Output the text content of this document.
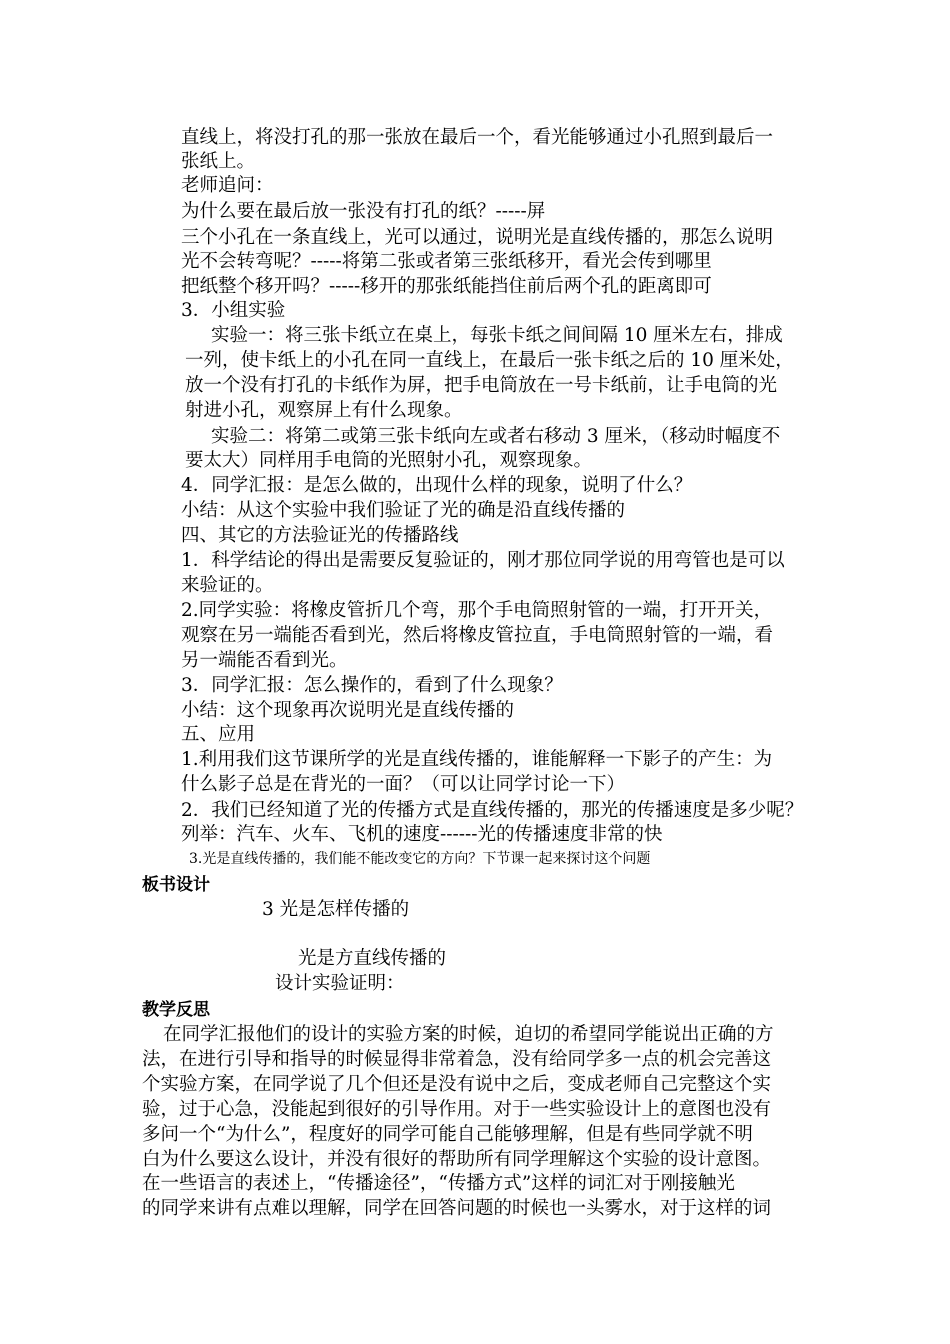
直线上，将没打孔的那一张放在最后一个，看光能够通过小孔照到最后一
张纸上。
老师追问：
为什么要在最后放一张没有打孔的纸？-----屏
三个小孔在一条直线上，光可以通过，说明光是直线传播的，那怎么说明
光不会转弯呢？-----将第二张或者第三张纸移开，看光会传到哪里
把纸整个移开吗？-----移开的那张纸能挡住前后两个孔的距离即可
3．小组实验
实验一：将三张卡纸立在桌上，每张卡纸之间间隔 10 厘米左右，排成
一列，使卡纸上的小孔在同一直线上，在最后一张卡纸之后的 10 厘米处，
放一个没有打孔的卡纸作为屏，把手电筒放在一号卡纸前，让手电筒的光
射进小孔，观察屏上有什么现象。
实验二：将第二或第三张卡纸向左或者右移动 3 厘米，（移动时幅度不
要太大）同样用手电筒的光照射小孔，观察现象。
4．同学汇报：是怎么做的，出现什么样的现象，说明了什么？
小结：从这个实验中我们验证了光的确是沿直线传播的
四、其它的方法验证光的传播路线
1．科学结论的得出是需要反复验证的，刚才那位同学说的用弯管也是可以
来验证的。
2.同学实验：将橡皮管折几个弯，那个手电筒照射管的一端，打开开关，
观察在另一端能否看到光，然后将橡皮管拉直，手电筒照射管的一端，看
另一端能否看到光。
3．同学汇报：怎么操作的，看到了什么现象？
小结：这个现象再次说明光是直线传播的
五、应用
1.利用我们这节课所学的光是直线传播的，谁能解释一下影子的产生：为
什么影子总是在背光的一面？（可以让同学讨论一下）
2．我们已经知道了光的传播方式是直线传播的，那光的传播速度是多少呢？
列举：汽车、火车、飞机的速度------光的传播速度非常的快
3.光是直线传播的，我们能不能改变它的方向？下节课一起来探讨这个问题
板书设计
3 光是怎样传播的
光是方直线传播的
设计实验证明：
教学反思
在同学汇报他们的设计的实验方案的时候，迫切的希望同学能说出正确的方
法，在进行引导和指导的时候显得非常着急，没有给同学多一点的机会完善这
个实验方案，在同学说了几个但还是没有说中之后，变成老师自己完整这个实
验，过于心急，没能起到很好的引导作用。对于一些实验设计上的意图也没有
多问一个“为什么”，程度好的同学可能自己能够理解，但是有些同学就不明
白为什么要这么设计，并没有很好的帮助所有同学理解这个实验的设计意图。
在一些语言的表述上，“传播途径”，“传播方式”这样的词汇对于刚接触光
的同学来讲有点难以理解，同学在回答问题的时候也一头雾水，对于这样的词
